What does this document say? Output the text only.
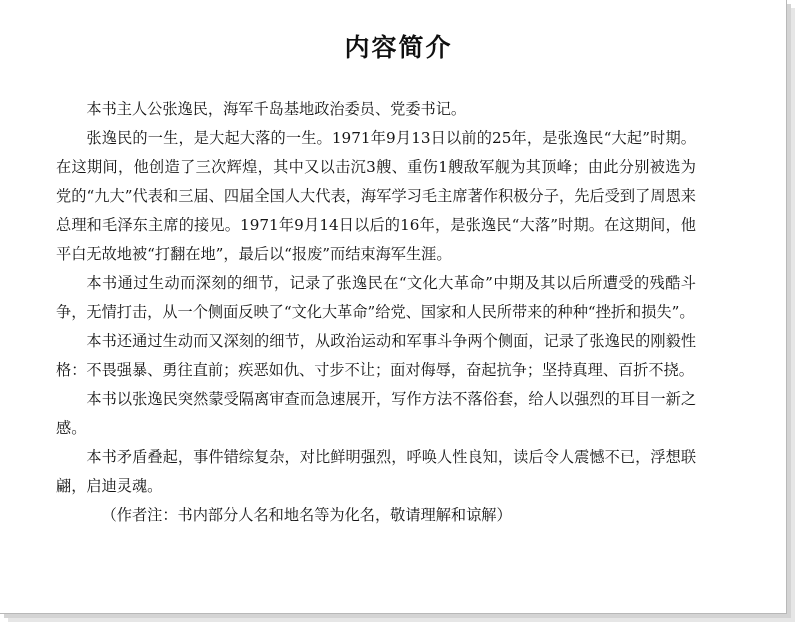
内容简介

本书主人公张逸民，海军千岛基地政治委员、党委书记。

张逸民的一生，是大起大落的一生。1971年9月13日以前的25年，是张逸民“大起”时期。在这期间，他创造了三次辉煌，其中又以击沉3艘、重伤1艘敌军舰为其顶峰；由此分别被选为党的“九大”代表和三届、四届全国人大代表，海军学习毛主席著作积极分子，先后受到了周恩来总理和毛泽东主席的接见。1971年9月14日以后的16年，是张逸民“大落”时期。在这期间，他平白无故地被“打翻在地”，最后以“报废”而结束海军生涯。

本书通过生动而深刻的细节，记录了张逸民在“文化大革命”中期及其以后所遭受的残酷斗争，无情打击，从一个侧面反映了“文化大革命”给党、国家和人民所带来的种种“挫折和损失”。

本书还通过生动而又深刻的细节，从政治运动和军事斗争两个侧面，记录了张逸民的刚毅性格：不畏强暴、勇往直前；疾恶如仇、寸步不让；面对侮辱，奋起抗争；坚持真理、百折不挠。

本书以张逸民突然蒙受隔离审查而急速展开，写作方法不落俗套，给人以强烈的耳目一新之感。

本书矛盾叠起，事件错综复杂，对比鲜明强烈，呼唤人性良知，读后令人震憾不已，浮想联翩，启迪灵魂。

（作者注：书内部分人名和地名等为化名，敬请理解和谅解）
